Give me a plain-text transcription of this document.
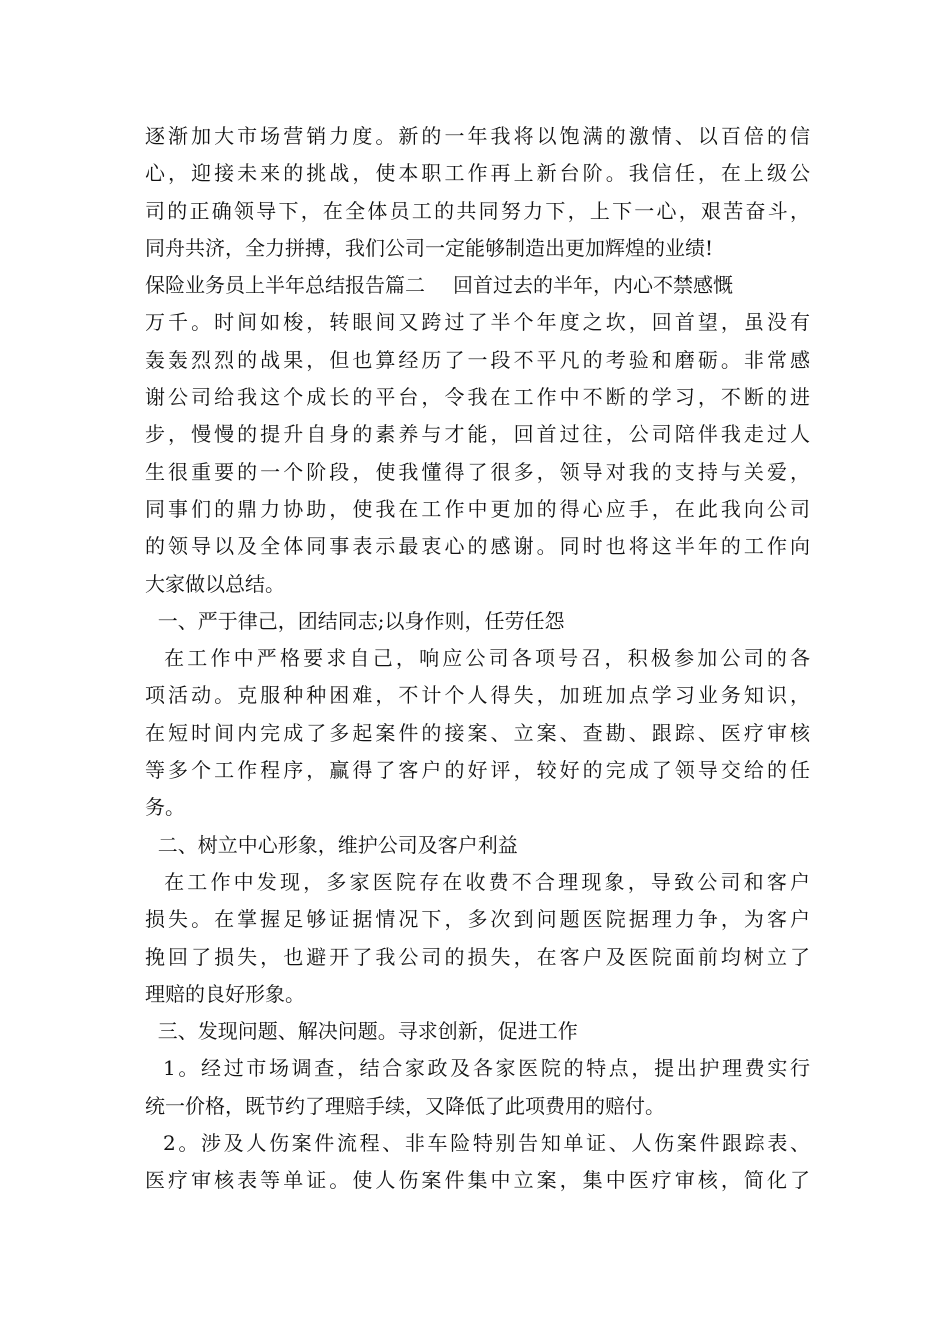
逐渐加大市场营销力度。新的一年我将以饱满的激情、以百倍的信
心，迎接未来的挑战，使本职工作再上新台阶。我信任，在上级公
司的正确领导下，在全体员工的共同努力下，上下一心，艰苦奋斗，
同舟共济，全力拼搏，我们公司一定能够制造出更加辉煌的业绩!
保险业务员上半年总结报告篇二 回首过去的半年，内心不禁感慨
万千。时间如梭，转眼间又跨过了半个年度之坎，回首望，虽没有
轰轰烈烈的战果，但也算经历了一段不平凡的考验和磨砺。非常感
谢公司给我这个成长的平台，令我在工作中不断的学习，不断的进
步，慢慢的提升自身的素养与才能，回首过往，公司陪伴我走过人
生很重要的一个阶段，使我懂得了很多，领导对我的支持与关爱，
同事们的鼎力协助，使我在工作中更加的得心应手，在此我向公司
的领导以及全体同事表示最衷心的感谢。同时也将这半年的工作向
大家做以总结。
一、严于律己，团结同志;以身作则，任劳任怨
在工作中严格要求自己，响应公司各项号召，积极参加公司的各
项活动。克服种种困难，不计个人得失，加班加点学习业务知识，
在短时间内完成了多起案件的接案、立案、查勘、跟踪、医疗审核
等多个工作程序，赢得了客户的好评，较好的完成了领导交给的任
务。
二、树立中心形象，维护公司及客户利益
在工作中发现，多家医院存在收费不合理现象，导致公司和客户
损失。在掌握足够证据情况下，多次到问题医院据理力争，为客户
挽回了损失，也避开了我公司的损失，在客户及医院面前均树立了
理赔的良好形象。
三、发现问题、解决问题。寻求创新，促进工作
1。经过市场调查，结合家政及各家医院的特点，提出护理费实行
统一价格，既节约了理赔手续，又降低了此项费用的赔付。
2。涉及人伤案件流程、非车险特别告知单证、人伤案件跟踪表、
医疗审核表等单证。使人伤案件集中立案，集中医疗审核，简化了
